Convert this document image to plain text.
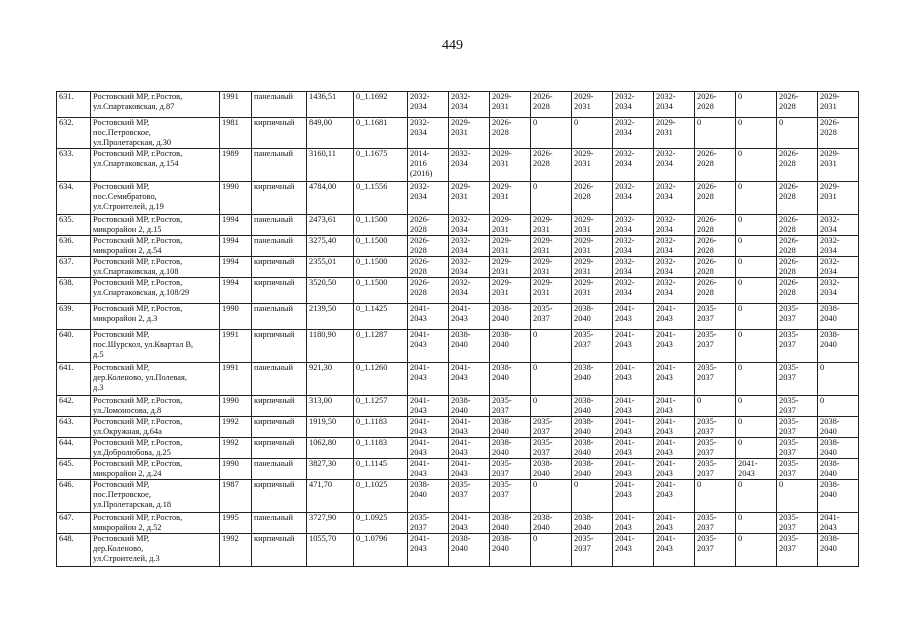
449
631.	Ростовский МР, г.Ростов,
ул.Спартаковская, д.87	1991	панельный	1436,51	0_1.1692	2032-
2034	2032-
2034	2029-
2031	2026-
2028	2029-
2031	2032-
2034	2032-
2034	2026-
2028	0	2026-
2028	2029-
2031
632.	Ростовский МР,
пос.Петровское,
ул.Пролетарская, д.30	1981	кирпичный	849,00	0_1.1681	2032-
2034	2029-
2031	2026-
2028	0	0	2032-
2034	2029-
2031	0	0	0	2026-
2028
633.	Ростовский МР, г.Ростов,
ул.Спартаковская, д.154	1989	панельный	3160,11	0_1.1675	2014-
2016
(2016)	2032-
2034	2029-
2031	2026-
2028	2029-
2031	2032-
2034	2032-
2034	2026-
2028	0	2026-
2028	2029-
2031
634.	Ростовский МР,
пос.Семибратово,
ул.Строителей, д.19	1990	кирпичный	4784,00	0_1.1556	2032-
2034	2029-
2031	2029-
2031	0	2026-
2028	2032-
2034	2032-
2034	2026-
2028	0	2026-
2028	2029-
2031
635.	Ростовский МР, г.Ростов,
микрорайон 2, д.15	1994	панельный	2473,61	0_1.1500	2026-
2028	2032-
2034	2029-
2031	2029-
2031	2029-
2031	2032-
2034	2032-
2034	2026-
2028	0	2026-
2028	2032-
2034
636.	Ростовский МР, г.Ростов,
микрорайон 2, д.54	1994	панельный	3275,40	0_1.1500	2026-
2028	2032-
2034	2029-
2031	2029-
2031	2029-
2031	2032-
2034	2032-
2034	2026-
2028	0	2026-
2028	2032-
2034
637.	Ростовский МР, г.Ростов,
ул.Спартаковская, д.108	1994	кирпичный	2355,01	0_1.1500	2026-
2028	2032-
2034	2029-
2031	2029-
2031	2029-
2031	2032-
2034	2032-
2034	2026-
2028	0	2026-
2028	2032-
2034
638.	Ростовский МР, г.Ростов,
ул.Спартаковская, д.108/29	1994	кирпичный	3520,50	0_1.1500	2026-
2028	2032-
2034	2029-
2031	2029-
2031	2029-
2031	2032-
2034	2032-
2034	2026-
2028	0	2026-
2028	2032-
2034
639.	Ростовский МР, г.Ростов,
микрорайон 2, д.3	1990	панельный	2139,50	0_1.1425	2041-
2043	2041-
2043	2038-
2040	2035-
2037	2038-
2040	2041-
2043	2041-
2043	2035-
2037	0	2035-
2037	2038-
2040
640.	Ростовский МР,
пос.Шурскол, ул.Квартал В,
д.5	1991	кирпичный	1180,90	0_1.1287	2041-
2043	2038-
2040	2038-
2040	0	2035-
2037	2041-
2043	2041-
2043	2035-
2037	0	2035-
2037	2038-
2040
641.	Ростовский МР,
дер.Коленово, ул.Полевая,
д.3	1991	панельный	921,30	0_1.1260	2041-
2043	2041-
2043	2038-
2040	0	2038-
2040	2041-
2043	2041-
2043	2035-
2037	0	2035-
2037	0
642.	Ростовский МР, г.Ростов,
ул.Ломоносова, д.8	1990	кирпичный	313,00	0_1.1257	2041-
2043	2038-
2040	2035-
2037	0	2038-
2040	2041-
2043	2041-
2043	0	0	2035-
2037	0
643.	Ростовский МР, г.Ростов,
ул.Окружная, д.64а	1992	кирпичный	1919,50	0_1.1183	2041-
2043	2041-
2043	2038-
2040	2035-
2037	2038-
2040	2041-
2043	2041-
2043	2035-
2037	0	2035-
2037	2038-
2040
644.	Ростовский МР, г.Ростов,
ул.Добролюбова, д.25	1992	кирпичный	1062,80	0_1.1183	2041-
2043	2041-
2043	2038-
2040	2035-
2037	2038-
2040	2041-
2043	2041-
2043	2035-
2037	0	2035-
2037	2038-
2040
645.	Ростовский МР, г.Ростов,
микрорайон 2, д.24	1990	панельный	3827,30	0_1.1145	2041-
2043	2041-
2043	2035-
2037	2038-
2040	2038-
2040	2041-
2043	2041-
2043	2035-
2037	2041-
2043	2035-
2037	2038-
2040
646.	Ростовский МР,
пос.Петровское,
ул.Пролетарская, д.18	1987	кирпичный	471,70	0_1.1025	2038-
2040	2035-
2037	2035-
2037	0	0	2041-
2043	2041-
2043	0	0	0	2038-
2040
647.	Ростовский МР, г.Ростов,
микрорайон 2, д.52	1995	панельный	3727,90	0_1.0925	2035-
2037	2041-
2043	2038-
2040	2038-
2040	2038-
2040	2041-
2043	2041-
2043	2035-
2037	0	2035-
2037	2041-
2043
648.	Ростовский МР,
дер.Коленово,
ул.Строителей, д.3	1992	кирпичный	1055,70	0_1.0796	2041-
2043	2038-
2040	2038-
2040	0	2035-
2037	2041-
2043	2041-
2043	2035-
2037	0	2035-
2037	2038-
2040
